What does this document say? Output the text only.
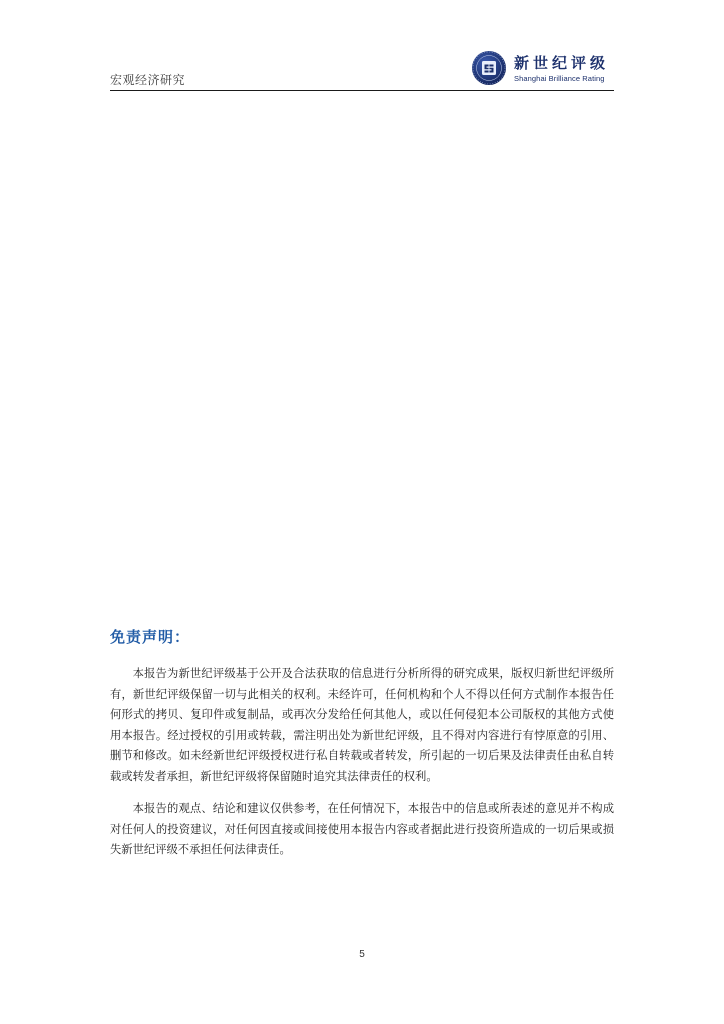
宏观经济研究
新世纪评级
Shanghai Brilliance Rating
免责声明：

本报告为新世纪评级基于公开及合法获取的信息进行分析所得的研究成果，版权归新世纪评级所有，新世纪评级保留一切与此相关的权利。未经许可，任何机构和个人不得以任何方式制作本报告任何形式的拷贝、复印件或复制品，或再次分发给任何其他人，或以任何侵犯本公司版权的其他方式使用本报告。经过授权的引用或转载，需注明出处为新世纪评级，且不得对内容进行有悖原意的引用、删节和修改。如未经新世纪评级授权进行私自转载或者转发，所引起的一切后果及法律责任由私自转载或转发者承担，新世纪评级将保留随时追究其法律责任的权利。

本报告的观点、结论和建议仅供参考，在任何情况下，本报告中的信息或所表述的意见并不构成对任何人的投资建议，对任何因直接或间接使用本报告内容或者据此进行投资所造成的一切后果或损失新世纪评级不承担任何法律责任。

5
